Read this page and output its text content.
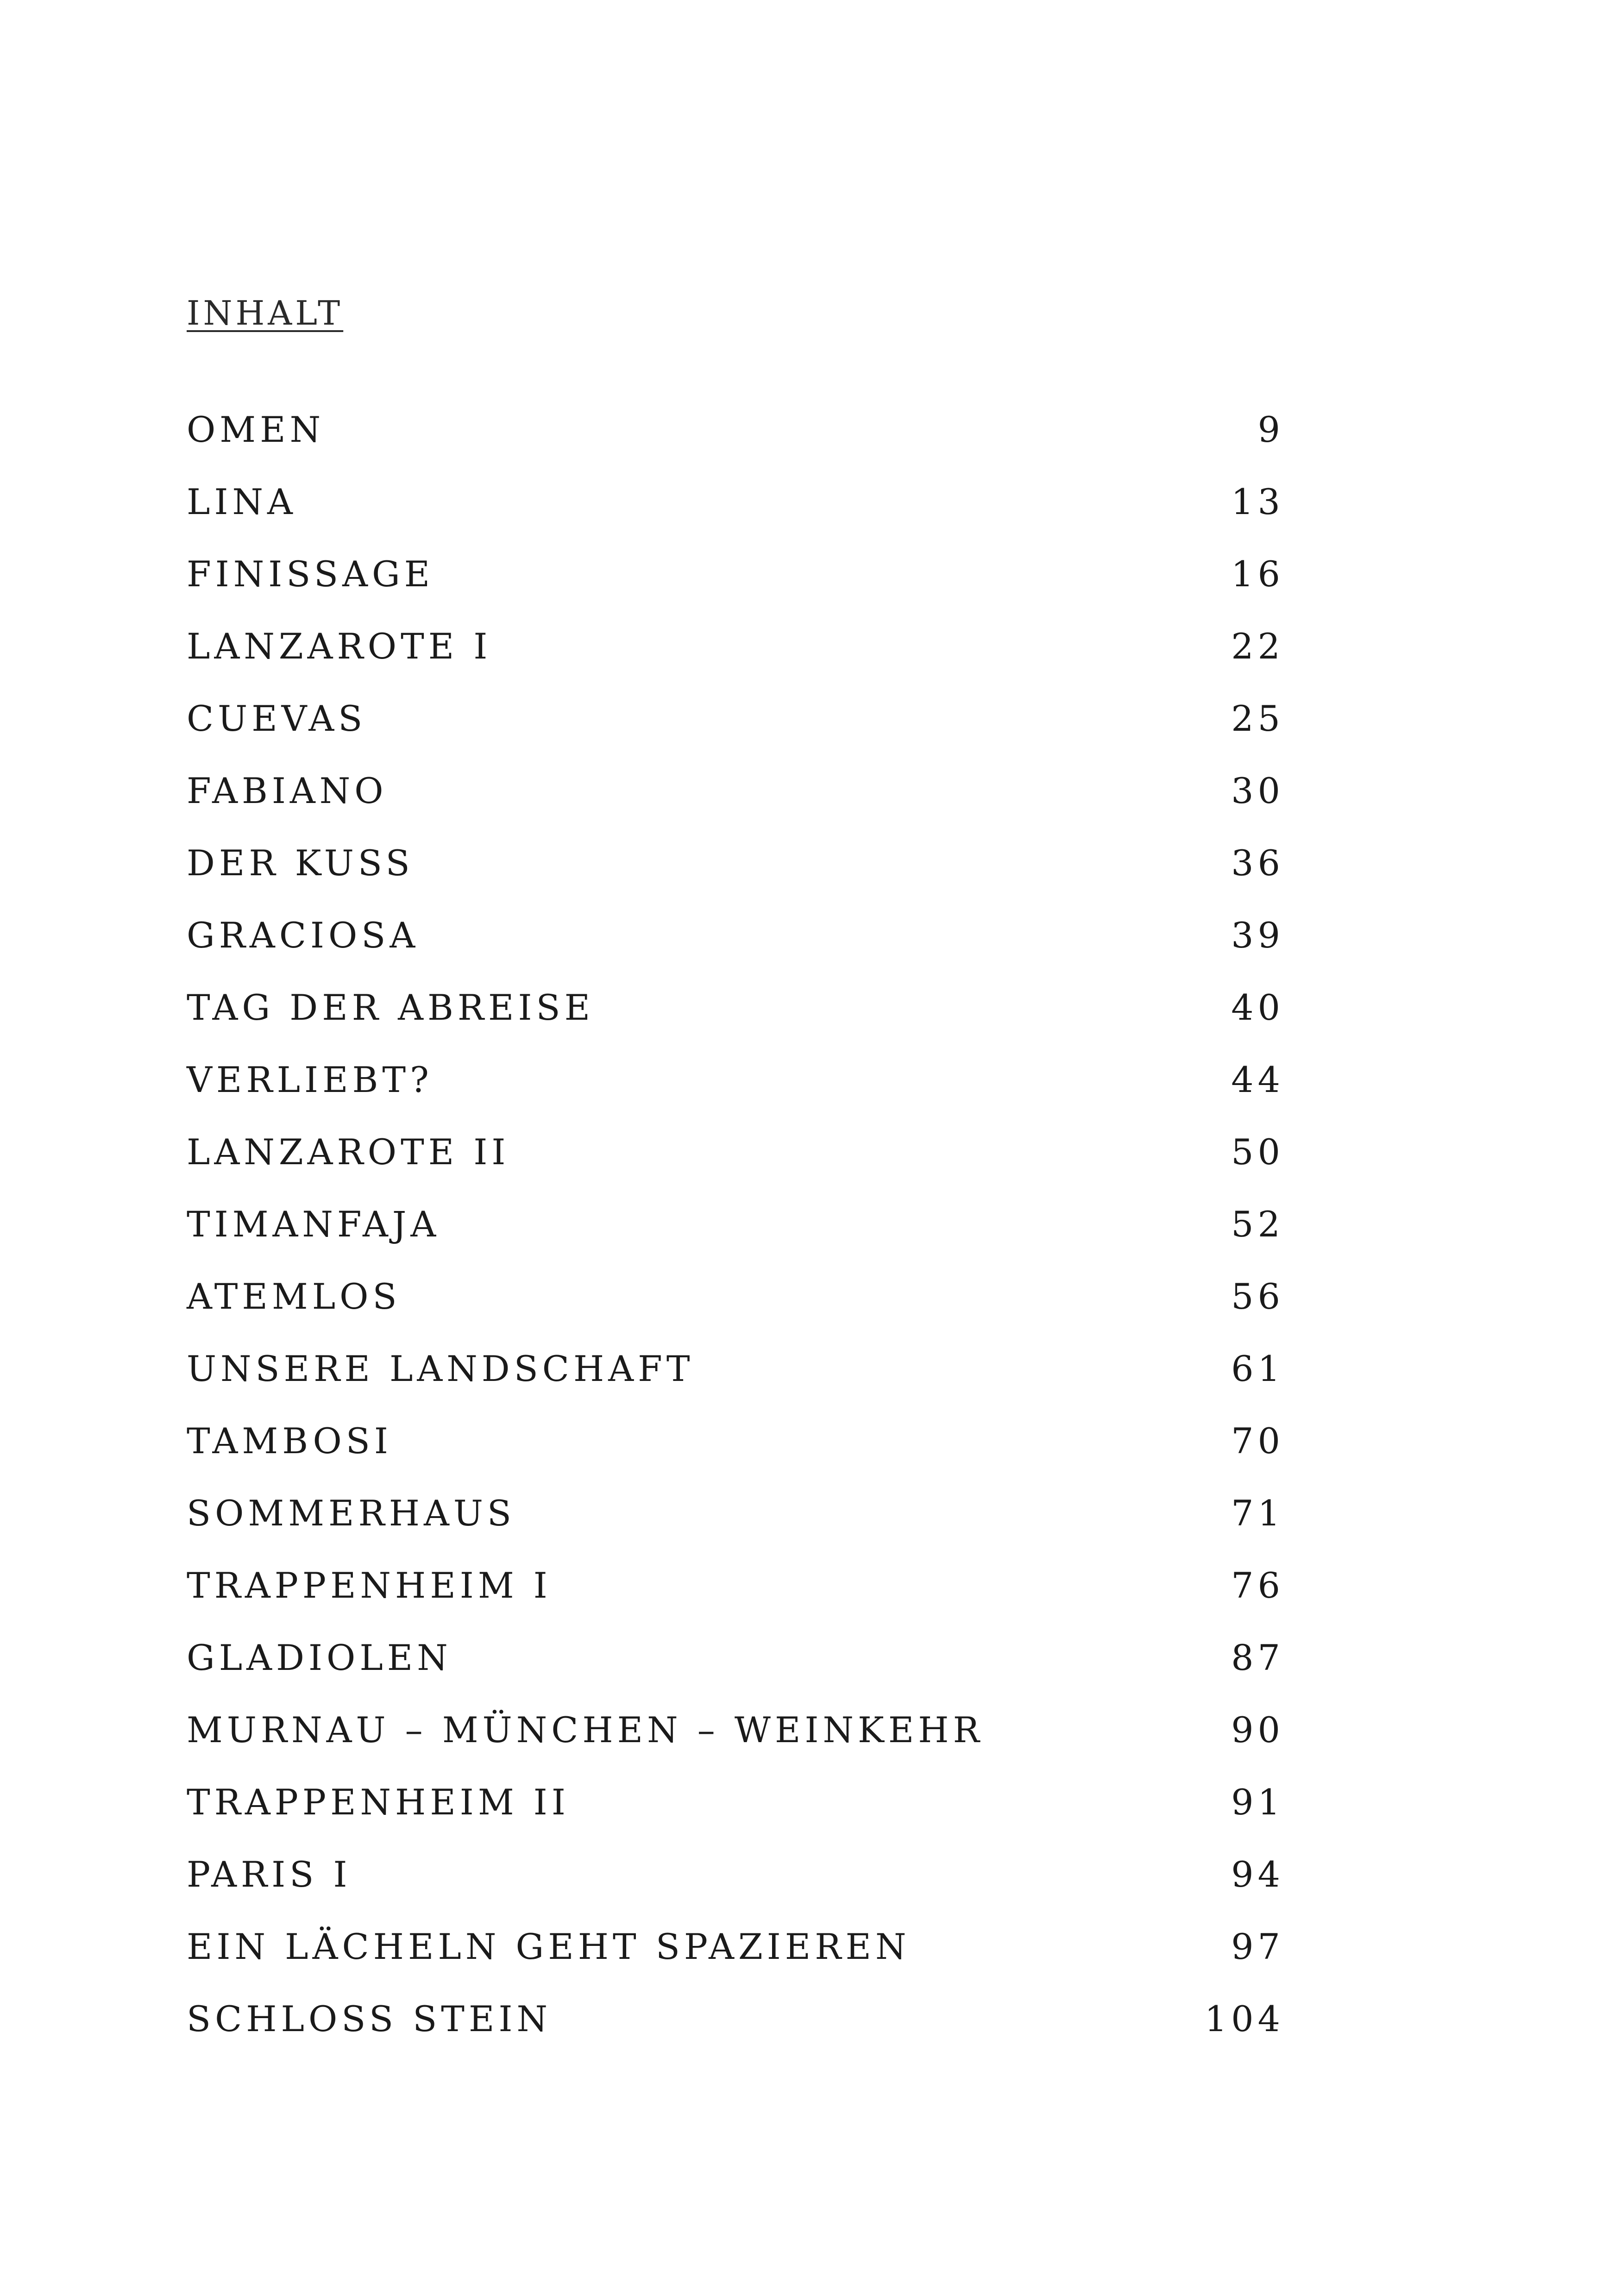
INHALT
OMEN	9
LINA	13
FINISSAGE	16
LANZAROTE I	22
CUEVAS	25
FABIANO	30
DER KUSS	36
GRACIOSA	39
TAG DER ABREISE	40
VERLIEBT?	44
LANZAROTE II	50
TIMANFAJA	52
ATEMLOS	56
UNSERE LANDSCHAFT	61
TAMBOSI	70
SOMMERHAUS	71
TRAPPENHEIM I	76
GLADIOLEN	87
MURNAU – MÜNCHEN – WEINKEHR	90
TRAPPENHEIM II	91
PARIS I	94
EIN LÄCHELN GEHT SPAZIEREN	97
SCHLOSS STEIN	104
